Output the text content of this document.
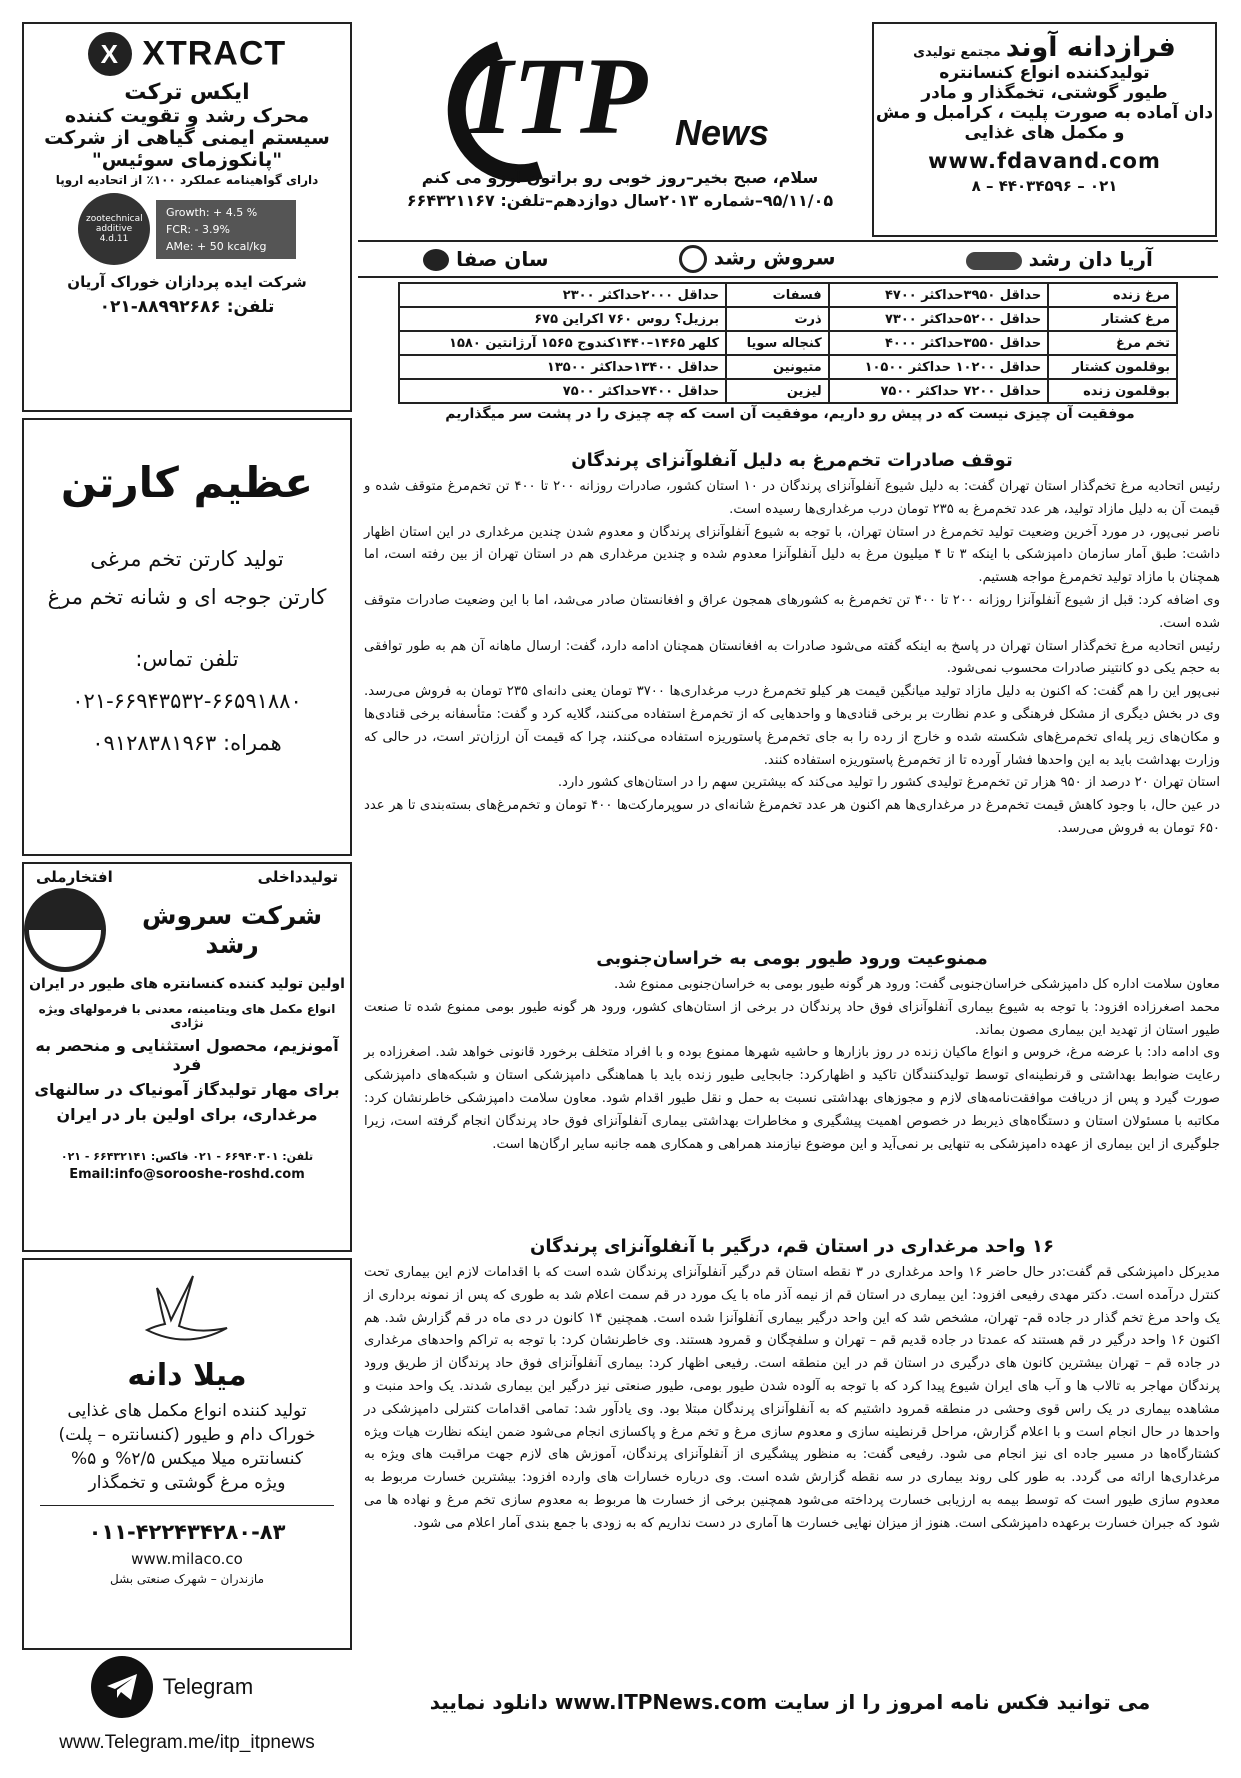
X XTRACT
ایکس ترکت
محرک رشد و تقویت کننده
سیستم ایمنی گیاهی از شرکت
"پانکوزمای سوئیس"
دارای گواهینامه عملکرد ۱۰۰٪ از اتحادیه اروپا
zootechnical additive
4.d.11
Growth: + 4.5 %
FCR: - 3.9%
AMe: + 50 kcal/kg
شرکت ایده پردازان خوراک آریان
تلفن: ۸۸۹۹۲۶۸۶-۰۲۱
عظیم کارتن
تولید کارتن تخم مرغی
کارتن جوجه ای و شانه تخم مرغ
تلفن تماس:
۰۲۱-۶۶۹۴۳۵۳۲-۶۶۵۹۱۸۸۰
همراه: ۰۹۱۲۸۳۸۱۹۶۳
تولیدداخلی
افتخارملی
شرکت سروش رشد
اولین تولید کننده کنسانتره های طیور در ایران
انواع مکمل های ویتامینه، معدنی با فرمولهای ویژه نژادی
آمونزیم، محصول استثنایی و منحصر به فرد
برای مهار تولیدگاز آمونیاک در سالنهای
مرغداری، برای اولین بار در ایران
تلفن: ۶۶۹۴۰۳۰۱ - ۰۲۱ فاکس: ۶۶۴۳۲۱۴۱ - ۰۲۱
Email:info@sorooshe-roshd.com
میلا دانه
تولید کننده انواع مکمل های غذایی
خوراک دام و طیور (کنسانتره – پلت)
کنسانتره میلا میکس ۲/۵% و ۵%
ویژه مرغ گوشتی و تخمگذار
۰۱۱-۴۲۲۴۳۴۲۸۰-۸۳
www.milaco.co
مازندران – شهرک صنعتی بشل
Telegram
www.Telegram.me/itp_itpnews
ITP News
فرازدانه آوند مجتمع تولیدی
تولیدکننده انواع کنسانتره
طیور گوشتی، تخمگذار و مادر
دان آماده به صورت پلیت ، کرامبل و مش
و مکمل های غذایی
www.fdavand.com
۰۲۱ – ۴۴۰۳۴۵۹۶ – ۸
سلام، صبح بخیر–روز خوبی رو براتون آرزو می کنم
۹۵/۱۱/۰۵–شماره ۲۰۱۳سال دوازدهم–تلفن: ۶۶۴۳۲۱۱۶۷
آریا دان رشد
سروش رشد
سان صفا
مرغ زنده	حداقل ۳۹۵۰حداکثر ۴۷۰۰	فسفات	حداقل ۲۰۰۰حداکثر ۲۳۰۰
مرغ کشتار	حداقل ۵۲۰۰حداکثر ۷۳۰۰	ذرت	برزیل؟ روس ۷۶۰ اکراین ۶۷۵
تخم مرغ	حداقل ۳۵۵۰حداکثر ۴۰۰۰	کنجاله سویا	کلهر ۱۴۶۵–۱۴۴۰کندوج ۱۵۶۵ آرژانتین ۱۵۸۰
بوقلمون کشتار	حداقل ۱۰۲۰۰ حداکثر ۱۰۵۰۰	متیونین	حداقل ۱۳۴۰۰حداکثر ۱۳۵۰۰
بوقلمون زنده	حداقل ۷۲۰۰ حداکثر ۷۵۰۰	لیزین	حداقل ۷۴۰۰حداکثر ۷۵۰۰
موفقیت آن چیزی نیست که در پیش رو داریم، موفقیت آن است که چه چیزی را در پشت سر میگذاریم
توقف صادرات تخم‌مرغ به دلیل آنفلوآنزای پرندگان

رئیس اتحادیه مرغ تخم‌گذار استان تهران گفت: به دلیل شیوع آنفلوآنزای پرندگان در ۱۰ استان کشور، صادرات روزانه ۲۰۰ تا ۴۰۰ تن تخم‌مرغ متوقف شده و قیمت آن به دلیل مازاد تولید، هر عدد تخم‌مرغ به ۲۳۵ تومان درب مرغداری‌ها رسیده است.

ناصر نبی‌پور، در مورد آخرین وضعیت تولید تخم‌مرغ در استان تهران، با توجه به شیوع آنفلوآنزای پرندگان و معدوم شدن چندین مرغداری در این استان اظهار داشت: طبق آمار سازمان دامپزشکی با اینکه ۳ تا ۴ میلیون مرغ به دلیل آنفلوآنزا معدوم شده و چندین مرغداری هم در استان تهران از بین رفته است، اما همچنان با مازاد تولید تخم‌مرغ مواجه هستیم.

وی اضافه کرد: قبل از شیوع آنفلوآنزا روزانه ۲۰۰ تا ۴۰۰ تن تخم‌مرغ به کشورهای همجون عراق و افغانستان صادر می‌شد، اما با این وضعیت صادرات متوقف شده است.

رئیس اتحادیه مرغ تخم‌گذار استان تهران در پاسخ به اینکه گفته می‌شود صادرات به افغانستان همچنان ادامه دارد، گفت: ارسال ماهانه آن هم به طور توافقی به حجم یکی دو کانتینر صادرات محسوب نمی‌شود.

نبی‌پور این را هم گفت: که اکنون به دلیل مازاد تولید میانگین قیمت هر کیلو تخم‌مرغ درب مرغداری‌ها ۳۷۰۰ تومان یعنی دانه‌ای ۲۳۵ تومان به فروش می‌رسد. وی در بخش دیگری از مشکل فرهنگی و عدم نظارت بر برخی قنادی‌ها و واحدهایی که از تخم‌مرغ استفاده می‌کنند، گلایه کرد و گفت: متأسفانه برخی قنادی‌ها و مکان‌های زیر پله‌ای تخم‌مرغ‌های شکسته شده و خارج از رده را به جای تخم‌مرغ پاستوریزه استفاده می‌کنند، چرا که قیمت آن ارزان‌تر است، در حالی که وزارت بهداشت باید به این واحدها فشار آورده تا از تخم‌مرغ پاستوریزه استفاده کنند.

استان تهران ۲۰ درصد از ۹۵۰ هزار تن تخم‌مرغ تولیدی کشور را تولید می‌کند که بیشترین سهم را در استان‌های کشور دارد.

در عین حال، با وجود کاهش قیمت تخم‌مرغ در مرغداری‌ها هم اکنون هر عدد تخم‌مرغ شانه‌ای در سوپرمارکت‌ها ۴۰۰ تومان و تخم‌مرغ‌های بسته‌بندی تا هر عدد ۶۵۰ تومان به فروش می‌رسد.

ممنوعیت ورود طیور بومی به خراسان‌جنوبی

معاون سلامت اداره کل دامپزشکی خراسان‌جنوبی گفت: ورود هر گونه طیور بومی به خراسان‌جنوبی ممنوع شد.

محمد اصغرزاده افزود: با توجه به شیوع بیماری آنفلوآنزای فوق حاد پرندگان در برخی از استان‌های کشور، ورود هر گونه طیور بومی ممنوع شده تا صنعت طیور استان از تهدید این بیماری مصون بماند.

وی ادامه داد: با عرضه مرغ، خروس و انواع ماکیان زنده در روز بازارها و حاشیه شهرها ممنوع بوده و با افراد متخلف برخورد قانونی خواهد شد. اصغرزاده بر رعایت ضوابط بهداشتی و قرنطینه‌ای توسط تولیدکنندگان تاکید و اظهارکرد: جابجایی طیور زنده باید با هماهنگی دامپزشکی استان و شبکه‌های دامپزشکی صورت گیرد و پس از دریافت موافقت‌نامه‌های لازم و مجوزهای بهداشتی نسبت به حمل و نقل طیور اقدام شود. معاون سلامت دامپزشکی خاطرنشان کرد: مکاتبه با مسئولان استان و دستگاه‌های ذیربط در خصوص اهمیت پیشگیری و مخاطرات بهداشتی بیماری آنفلوآنزای فوق حاد پرندگان انجام گرفته است، زیرا جلوگیری از این بیماری از عهده دامپزشکی به تنهایی بر نمی‌آید و این موضوع نیازمند همراهی و همکاری همه جانبه سایر ارگان‌ها است.

۱۶ واحد مرغداری در استان قم، درگیر با آنفلوآنزای پرندگان

مدیرکل دامپزشکی قم گفت:در حال حاضر ۱۶ واحد مرغداری در ۳ نقطه استان قم درگیر آنفلوآنزای پرندگان شده است که با اقدامات لازم این بیماری تحت کنترل درآمده است. دکتر مهدی رفیعی افزود: این بیماری در استان قم از نیمه آذر ماه با یک مورد در قم سمت اعلام شد به طوری که پس از نمونه برداری از یک واحد مرغ تخم گذار در جاده قم- تهران، مشخص شد که این واحد درگیر بیماری آنفلوآنزا شده است. همچنین ۱۴ کانون در دی ماه در قم گزارش شد. هم اکنون ۱۶ واحد درگیر در قم هستند که عمدتا در جاده قدیم قم – تهران و سلفچگان و قمرود هستند. وی خاطرنشان کرد: با توجه به تراکم واحدهای مرغداری در جاده قم – تهران بیشترین کانون های درگیری در استان قم در این منطقه است. رفیعی اظهار کرد: بیماری آنفلوآنزای فوق حاد پرندگان از طریق ورود پرندگان مهاجر به تالاب ها و آب های ایران شیوع پیدا کرد که با توجه به آلوده شدن طیور بومی، طیور صنعتی نیز درگیر این بیماری شدند. یک واحد منبت و مشاهده بیماری در یک راس قوی وحشی در منطقه قمرود داشتیم که به آنفلوآنزای پرندگان مبتلا بود. وی یادآور شد: تمامی اقدامات کنترلی دامپزشکی در واحدها در حال انجام است و با اعلام گزارش، مراحل قرنطینه سازی و معدوم سازی مرغ و تخم مرغ و پاکسازی انجام می‌شود ضمن اینکه نظارت هیات ویژه کشتارگاه‌ها در مسیر جاده ای نیز انجام می شود. رفیعی گفت: به منظور پیشگیری از آنفلوآنزای پرندگان، آموزش های لازم جهت مراقبت های ویژه به مرغداری‌ها ارائه می گردد. به طور کلی روند بیماری در سه نقطه گزارش شده است. وی درباره خسارات های وارده افزود: بیشترین خسارت مربوط به معدوم سازی طیور است که توسط بیمه به ارزیابی خسارت پرداخته می‌شود همچنین برخی از خسارت ها مربوط به معدوم سازی تخم مرغ و نهاده ها می شود که جبران خسارت برعهده دامپزشکی است. هنوز از میزان نهایی خسارت ها آماری در دست نداریم که به زودی با جمع بندی آمار اعلام می شود.

می توانید فکس نامه امروز را از سایت www.ITPNews.com دانلود نمایید
